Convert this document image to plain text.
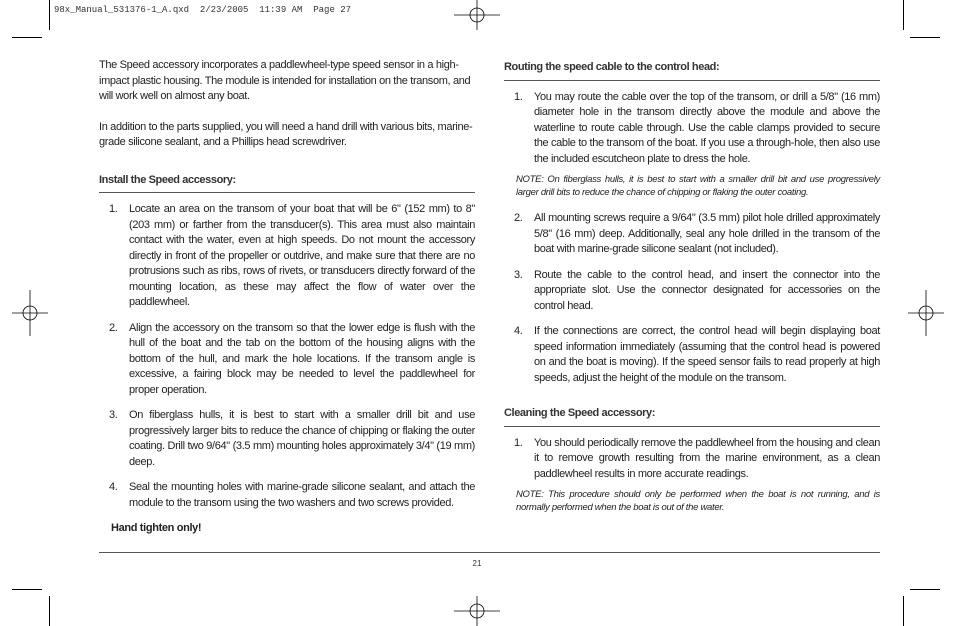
98x_Manual_531376-1_A.qxd  2/23/2005  11:39 AM  Page 27

The Speed accessory incorporates a paddlewheel-type speed sensor in a high-impact plastic housing. The module is intended for installation on the transom, and will work well on almost any boat.

In addition to the parts supplied, you will need a hand drill with various bits, marine-grade silicone sealant, and a Phillips head screwdriver.

Install the Speed accessory:
1.	Locate an area on the transom of your boat that will be 6" (152 mm) to 8" (203 mm) or farther from the transducer(s). This area must also maintain contact with the water, even at high speeds. Do not mount the accessory directly in front of the propeller or outdrive, and make sure that there are no protrusions such as ribs, rows of rivets, or transducers directly forward of the mounting location, as these may affect the flow of water over the paddlewheel.
2.	Align the accessory on the transom so that the lower edge is flush with the hull of the boat and the tab on the bottom of the housing aligns with the bottom of the hull, and mark the hole locations. If the transom angle is excessive, a fairing block may be needed to level the paddlewheel for proper operation.
3.	On fiberglass hulls, it is best to start with a smaller drill bit and use progressively larger bits to reduce the chance of chipping or flaking the outer coating. Drill two 9/64" (3.5 mm) mounting holes approximately 3/4" (19 mm) deep.
4.	Seal the mounting holes with marine-grade silicone sealant, and attach the module to the transom using the two washers and two screws provided.

Hand tighten only!

Routing the speed cable to the control head:
1.	You may route the cable over the top of the transom, or drill a 5/8" (16 mm) diameter hole in the transom directly above the module and above the waterline to route cable through. Use the cable clamps provided to secure the cable to the transom of the boat. If you use a through-hole, then also use the included escutcheon plate to dress the hole.

NOTE: On fiberglass hulls, it is best to start with a smaller drill bit and use progressively larger drill bits to reduce the chance of chipping or flaking the outer coating.

2.	All mounting screws require a 9/64" (3.5 mm) pilot hole drilled approximately 5/8" (16 mm) deep. Additionally, seal any hole drilled in the transom of the boat with marine-grade silicone sealant (not included).
3.	Route the cable to the control head, and insert the connector into the appropriate slot. Use the connector designated for accessories on the control head.
4.	If the connections are correct, the control head will begin displaying boat speed information immediately (assuming that the control head is powered on and the boat is moving). If the speed sensor fails to read properly at high speeds, adjust the height of the module on the transom.
Cleaning the Speed accessory:
1.	You should periodically remove the paddlewheel from the housing and clean it to remove growth resulting from the marine environment, as a clean paddlewheel results in more accurate readings.

NOTE: This procedure should only be performed when the boat is not running, and is normally performed when the boat is out of the water.

21
